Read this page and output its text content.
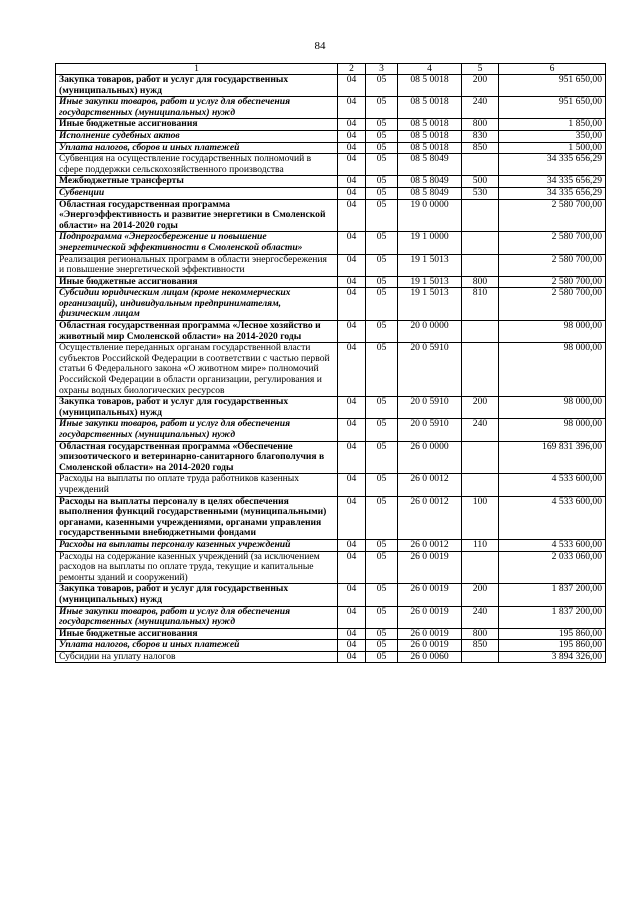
84
1	2	3	4	5	6
Закупка товаров, работ и услуг для государственных (муниципальных) нужд	04	05	08 5 0018	200	951 650,00
Иные закупки товаров, работ и услуг для обеспечения государственных (муниципальных) нужд	04	05	08 5 0018	240	951 650,00
Иные бюджетные ассигнования	04	05	08 5 0018	800	1 850,00
Исполнение судебных актов	04	05	08 5 0018	830	350,00
Уплата налогов, сборов и иных платежей	04	05	08 5 0018	850	1 500,00
Субвенция на осуществление государственных полномочий в сфере поддержки сельскохозяйственного производства	04	05	08 5 8049		34 335 656,29
Межбюджетные трансферты	04	05	08 5 8049	500	34 335 656,29
Субвенции	04	05	08 5 8049	530	34 335 656,29
Областная государственная программа «Энергоэффективность и развитие энергетики в Смоленской области» на 2014-2020 годы	04	05	19 0 0000		2 580 700,00
Подпрограмма «Энергосбережение и повышение энергетической эффективности в Смоленской области»	04	05	19 1 0000		2 580 700,00
Реализация региональных программ в области энергосбережения и повышение энергетической эффективности	04	05	19 1 5013		2 580 700,00
Иные бюджетные ассигнования	04	05	19 1 5013	800	2 580 700,00
Субсидии юридическим лицам (кроме некоммерческих организаций), индивидуальным предпринимателям, физическим лицам	04	05	19 1 5013	810	2 580 700,00
Областная государственная программа «Лесное хозяйство и животный мир Смоленской области» на 2014-2020 годы	04	05	20 0 0000		98 000,00
Осуществление переданных органам государственной власти субъектов Российской Федерации в соответствии с частью первой статьи 6 Федерального закона «О животном мире» полномочий Российской Федерации в области организации, регулирования и охраны водных биологических ресурсов	04	05	20 0 5910		98 000,00
Закупка товаров, работ и услуг для государственных (муниципальных) нужд	04	05	20 0 5910	200	98 000,00
Иные закупки товаров, работ и услуг для обеспечения государственных (муниципальных) нужд	04	05	20 0 5910	240	98 000,00
Областная государственная программа «Обеспечение эпизоотического и ветеринарно-санитарного благополучия в Смоленской области» на 2014-2020 годы	04	05	26 0 0000		169 831 396,00
Расходы на выплаты по оплате труда работников казенных учреждений	04	05	26 0 0012		4 533 600,00
Расходы на выплаты персоналу в целях обеспечения выполнения функций государственными (муниципальными) органами, казенными учреждениями, органами управления государственными внебюджетными фондами	04	05	26 0 0012	100	4 533 600,00
Расходы на выплаты персоналу казенных учреждений	04	05	26 0 0012	110	4 533 600,00
Расходы на содержание казенных учреждений (за исключением расходов на выплаты по оплате труда, текущие и капитальные ремонты зданий и сооружений)	04	05	26 0 0019		2 033 060,00
Закупка товаров, работ и услуг для государственных (муниципальных) нужд	04	05	26 0 0019	200	1 837 200,00
Иные закупки товаров, работ и услуг для обеспечения государственных (муниципальных) нужд	04	05	26 0 0019	240	1 837 200,00
Иные бюджетные ассигнования	04	05	26 0 0019	800	195 860,00
Уплата налогов, сборов и иных платежей	04	05	26 0 0019	850	195 860,00
Субсидии на уплату налогов	04	05	26 0 0060		3 894 326,00
